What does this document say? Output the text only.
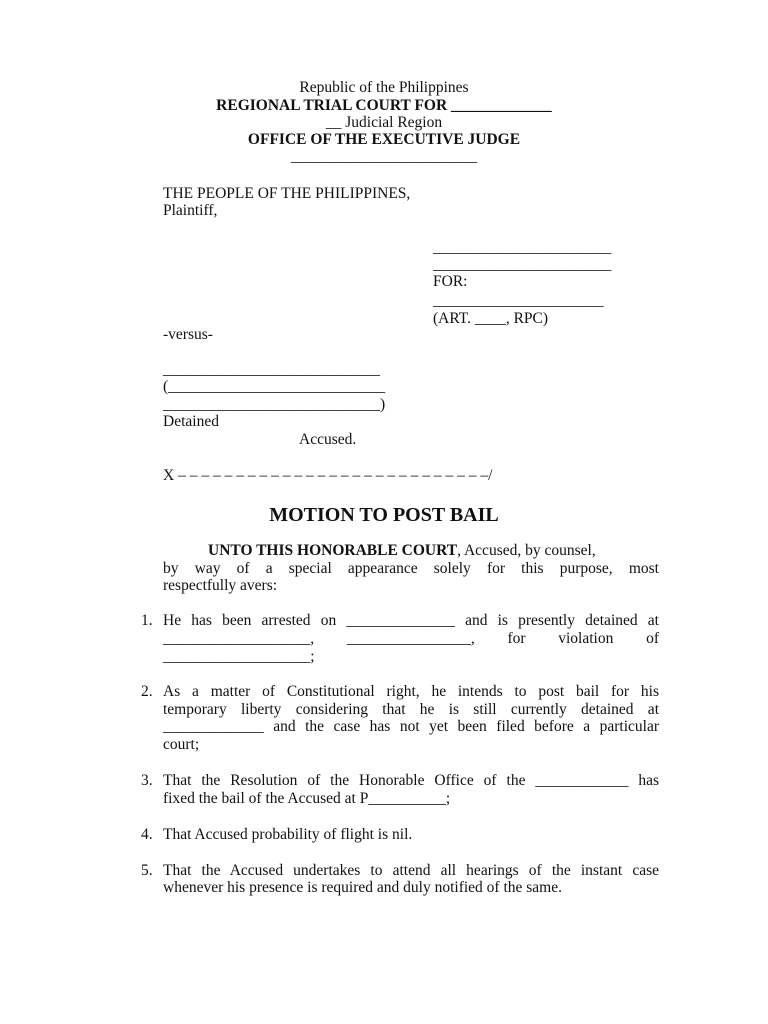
Republic of the Philippines
REGIONAL TRIAL COURT FOR _____________
__ Judicial Region
OFFICE OF THE EXECUTIVE JUDGE
________________________
THE PEOPLE OF THE PHILIPPINES,
Plaintiff,
_______________________
_______________________
FOR:
______________________
(ART. ____, RPC)
-versus-
____________________________
(____________________________
____________________________)
Detained
Accused.
X – – – – – – – – – – – – – – – – – – – – – – – – – – –/
MOTION TO POST BAIL
UNTO THIS HONORABLE COURT, Accused, by counsel,
by way of a special appearance solely for this purpose, most
respectfully avers:
1. He has been arrested on ______________ and is presently detained at
___________________, ________________, for violation of
___________________;
2. As a matter of Constitutional right, he intends to post bail for his
temporary liberty considering that he is still currently detained at
_____________ and the case has not yet been filed before a particular
court;
3. That the Resolution of the Honorable Office of the ____________ has
fixed the bail of the Accused at P__________;
4. That Accused probability of flight is nil.
5. That the Accused undertakes to attend all hearings of the instant case
whenever his presence is required and duly notified of the same.
